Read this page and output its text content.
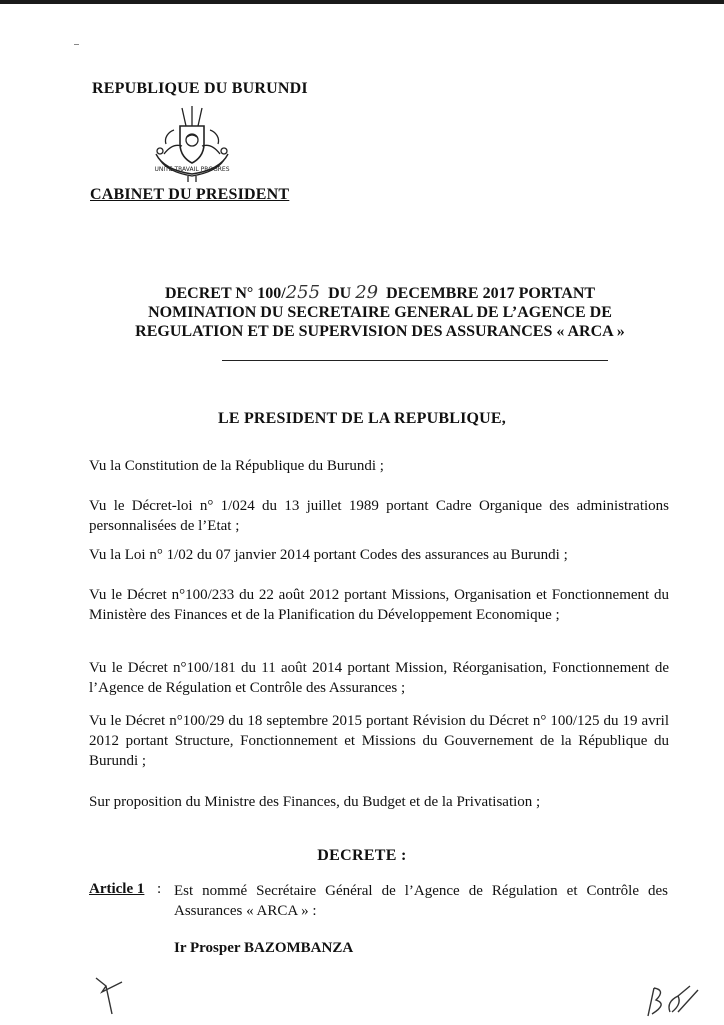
REPUBLIQUE DU BURUNDI
UNITE TRAVAIL PROGRES
CABINET DU PRESIDENT
DECRET N° 100/255 DU 29 DECEMBRE 2017 PORTANT
NOMINATION DU SECRETAIRE GENERAL DE L’AGENCE DE
REGULATION ET DE SUPERVISION DES ASSURANCES « ARCA »
LE PRESIDENT DE LA REPUBLIQUE,
Vu la Constitution de la République du Burundi ;
Vu le Décret-loi n° 1/024 du 13 juillet 1989 portant Cadre Organique des administrations personnalisées de l’Etat ;
Vu la Loi n° 1/02 du 07 janvier 2014 portant Codes des assurances au Burundi ;
Vu le Décret n°100/233 du 22 août 2012 portant Missions, Organisation et Fonctionnement du Ministère des Finances et de la Planification du Développement Economique ;
Vu le Décret n°100/181 du 11 août 2014 portant Mission, Réorganisation, Fonctionnement de l’Agence de Régulation et Contrôle des Assurances ;
Vu le Décret n°100/29 du 18 septembre 2015 portant Révision du Décret n° 100/125 du 19 avril 2012 portant Structure, Fonctionnement et Missions du Gouvernement de la République du Burundi ;
Sur proposition du Ministre des Finances, du Budget et de la Privatisation ;
DECRETE :
Article 1 : Est nommé Secrétaire Général de l’Agence de Régulation et Contrôle des Assurances « ARCA » :
Ir Prosper BAZOMBANZA
